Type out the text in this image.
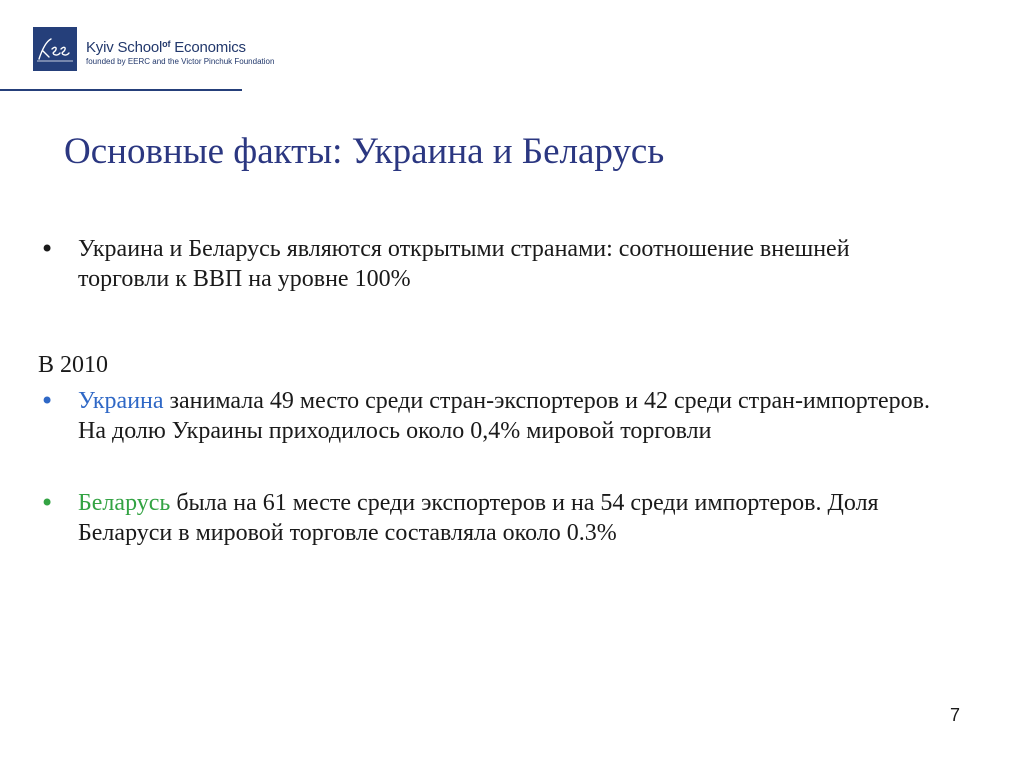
Kyiv School$^{of}$ Economics
founded by EERC and the Victor Pinchuk Foundation
Основные факты: Украина и Беларусь
• Украина и Беларусь являются открытыми странами: соотношение внешней торговли к ВВП на уровне 100%
В 2010
• Украина занимала 49 место среди стран-экспортеров и 42 среди стран-импортеров. На долю Украины приходилось около 0,4% мировой торговли
• Беларусь была на 61 месте среди экспортеров и на 54 среди импортеров. Доля Беларуси в мировой торговле составляла около 0.3%
7
